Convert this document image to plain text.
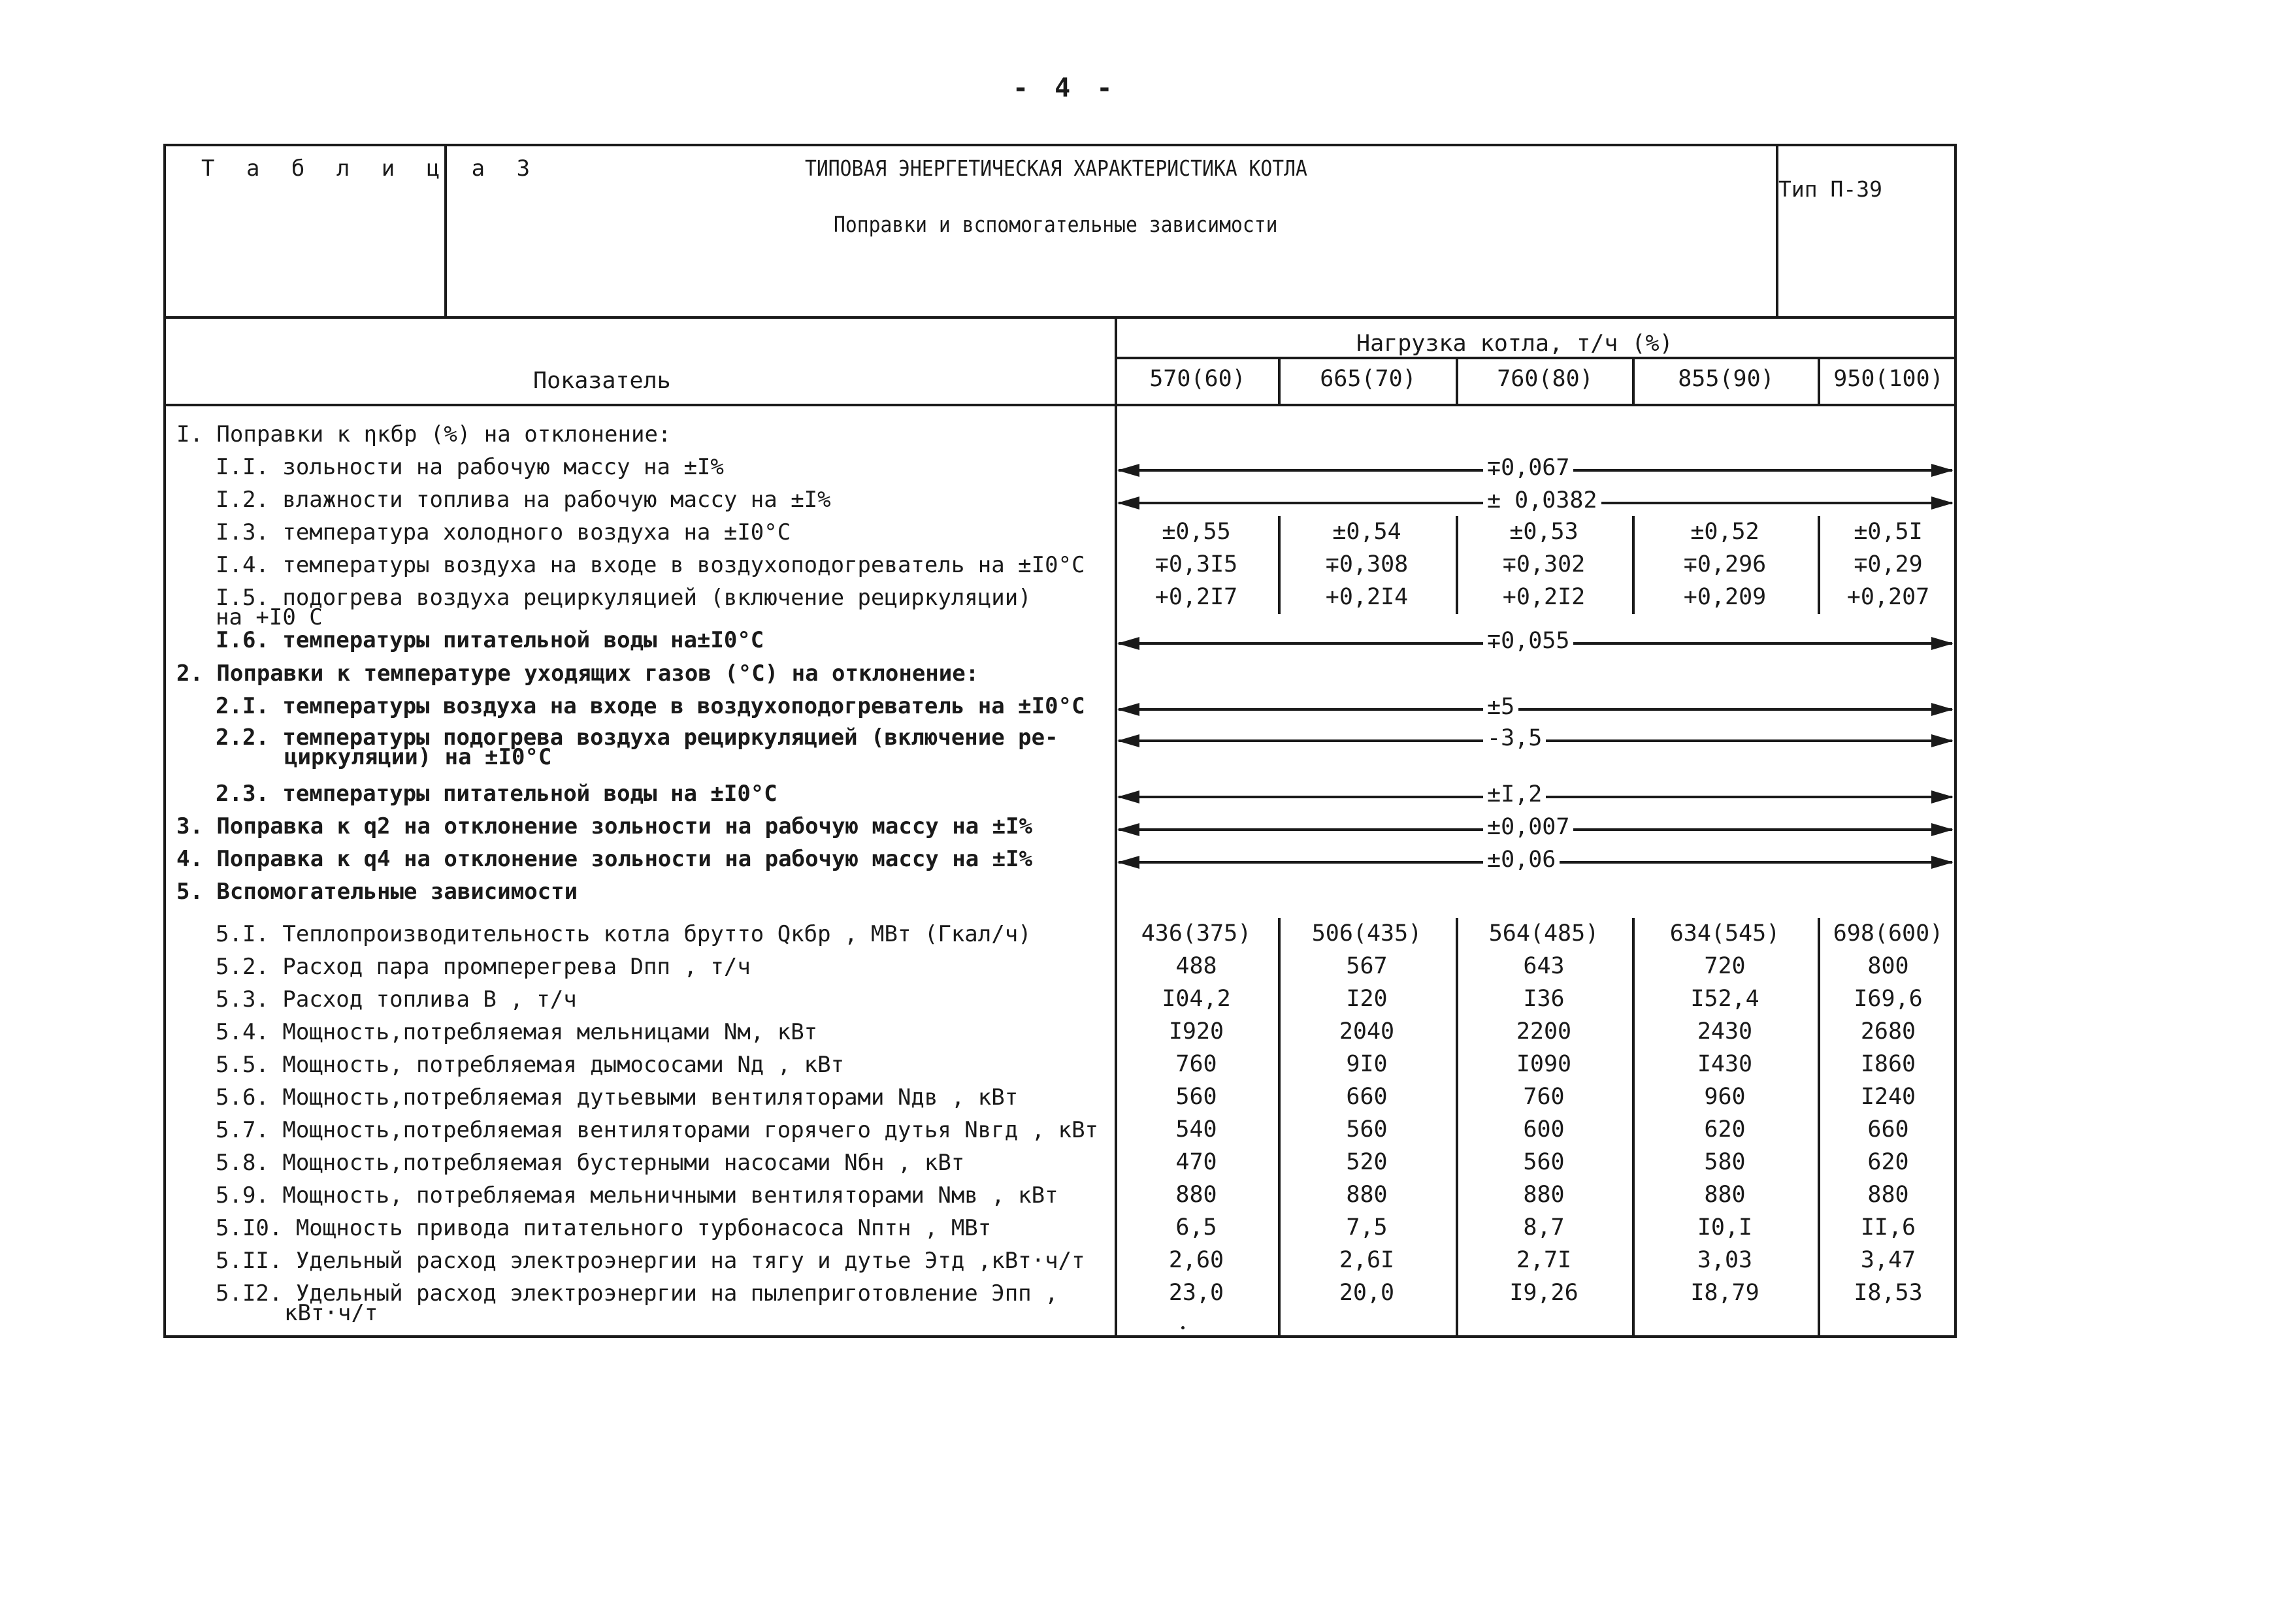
- 4 -
Т а б л и ц а 3	ТИПОВАЯ ЭНЕРГЕТИЧЕСКАЯ ХАРАКТЕРИСТИКА КОТЛА
Поправки и вспомогательные зависимости
Тип П-39
Показатель
Нагрузка котла, т/ч (%)
570(60)	665(70)	760(80)	855(90)	950(100)
I. Поправки к ηкбр (%) на отклонение:
I.I. зольности на рабочую массу на ±I%	∓0,067
I.2. влажности топлива на рабочую массу на ±I%	± 0,0382
I.3. температура холодного воздуха на ±I0°C	±0,55	±0,54	±0,53	±0,52	±0,5I
I.4. температуры воздуха на входе в воздухоподогреватель на ±I0°C	∓0,3I5	∓0,308	∓0,302	∓0,296	∓0,29
I.5. подогрева воздуха рециркуляцией (включение рециркуляции)
на +I0 C
+0,2I7	+0,2I4	+0,2I2	+0,209	+0,207
I.6. температуры питательной воды на±I0°C	∓0,055
2. Поправки к температуре уходящих газов (°C) на отклонение:
2.I. температуры воздуха на входе в воздухоподогреватель на ±I0°C	±5
2.2. температуры подогрева воздуха рециркуляцией (включение ре-
циркуляции) на ±I0°C
-3,5
2.3. температуры питательной воды на ±I0°C	±I,2
3. Поправка к q2 на отклонение зольности на рабочую массу на ±I%	±0,007
4. Поправка к q4 на отклонение зольности на рабочую массу на ±I%	±0,06
5. Вспомогательные зависимости
5.I. Теплопроизводительность котла брутто Qкбр , МВт (Гкал/ч)	436(375)	506(435)	564(485)	634(545)	698(600)
5.2. Расход пара промперегрева Dпп , т/ч	488	567	643	720	800
5.3. Расход топлива B , т/ч	I04,2	I20	I36	I52,4	I69,6
5.4. Мощность,потребляемая мельницами Nм, кВт	I920	2040	2200	2430	2680
5.5. Мощность, потребляемая дымососами Nд , кВт	760	9I0	I090	I430	I860
5.6. Мощность,потребляемая дутьевыми вентиляторами Nдв , кВт	560	660	760	960	I240
5.7. Мощность,потребляемая вентиляторами горячего дутья Nвгд , кВт	540	560	600	620	660
5.8. Мощность,потребляемая бустерными насосами Nбн , кВт	470	520	560	580	620
5.9. Мощность, потребляемая мельничными вентиляторами Nмв , кВт	880	880	880	880	880
5.I0. Мощность привода питательного турбонасоса Nптн , МВт	6,5	7,5	8,7	I0,I	II,6
5.II. Удельный расход электроэнергии на тягу и дутье Этд ,кВт·ч/т	2,60	2,6I	2,7I	3,03	3,47
5.I2. Удельный расход электроэнергии на пылеприготовление Эпп ,
кВт·ч/т
23,0	20,0	I9,26	I8,79	I8,53
